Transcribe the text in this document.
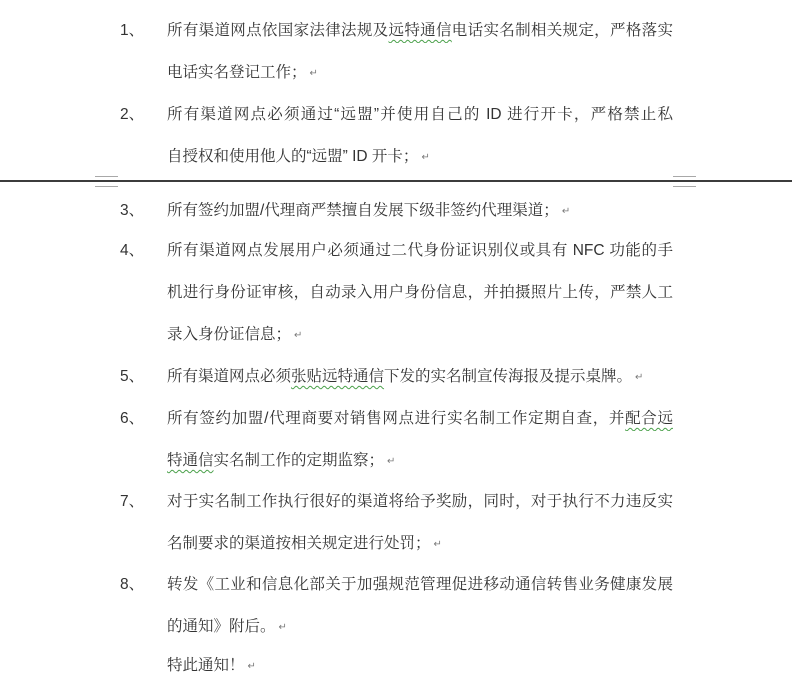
1、 所有渠道网点依国家法律法规及远特通信电话实名制相关规定，严格落实
电话实名登记工作； ↵
2、 所有渠道网点必须通过“远盟”并使用自己的 ID 进行开卡，严格禁止私
自授权和使用他人的“远盟” ID 开卡； ↵
3、 所有签约加盟/代理商严禁擅自发展下级非签约代理渠道； ↵
4、 所有渠道网点发展用户必须通过二代身份证识别仪或具有 NFC 功能的手
机进行身份证审核，自动录入用户身份信息，并拍摄照片上传，严禁人工
录入身份证信息； ↵
5、 所有渠道网点必须张贴远特通信下发的实名制宣传海报及提示桌牌。 ↵
6、 所有签约加盟/代理商要对销售网点进行实名制工作定期自查，并配合远
特通信实名制工作的定期监察； ↵
7、 对于实名制工作执行很好的渠道将给予奖励，同时，对于执行不力违反实
名制要求的渠道按相关规定进行处罚； ↵
8、 转发《工业和信息化部关于加强规范管理促进移动通信转售业务健康发展
的通知》附后。 ↵
特此通知！ ↵
